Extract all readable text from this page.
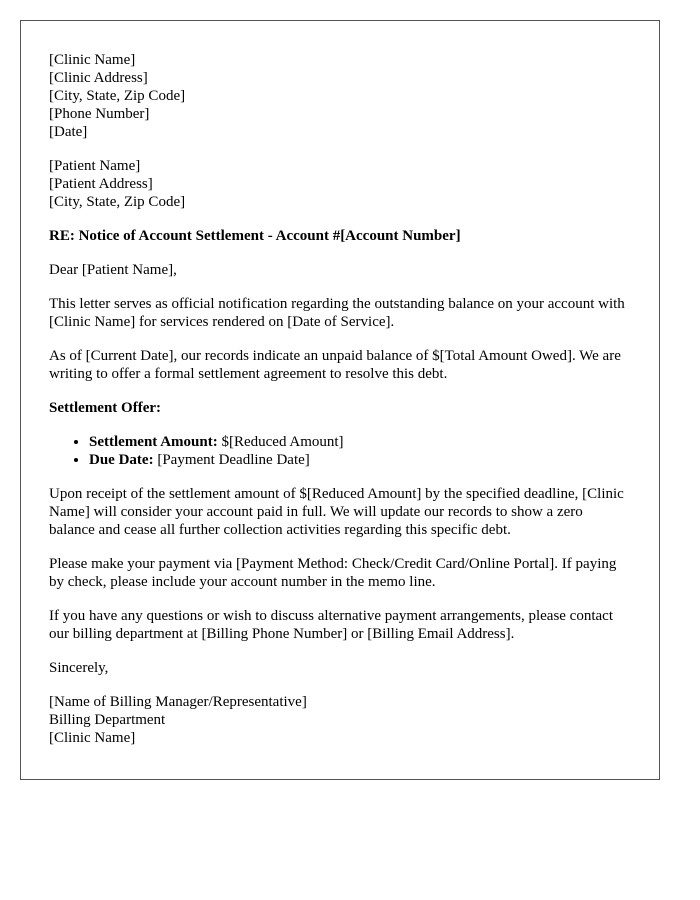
[Clinic Name]
[Clinic Address]
[City, State, Zip Code]
[Phone Number]
[Date]
[Patient Name]
[Patient Address]
[City, State, Zip Code]

RE: Notice of Account Settlement - Account #[Account Number]

Dear [Patient Name],

This letter serves as official notification regarding the outstanding balance on your account with [Clinic Name] for services rendered on [Date of Service].

As of [Current Date], our records indicate an unpaid balance of $[Total Amount Owed]. We are writing to offer a formal settlement agreement to resolve this debt.

Settlement Offer:

• Settlement Amount: $[Reduced Amount]
• Due Date: [Payment Deadline Date]

Upon receipt of the settlement amount of $[Reduced Amount] by the specified deadline, [Clinic Name] will consider your account paid in full. We will update our records to show a zero balance and cease all further collection activities regarding this specific debt.

Please make your payment via [Payment Method: Check/Credit Card/Online Portal]. If paying by check, please include your account number in the memo line.

If you have any questions or wish to discuss alternative payment arrangements, please contact our billing department at [Billing Phone Number] or [Billing Email Address].

Sincerely,

[Name of Billing Manager/Representative]
Billing Department
[Clinic Name]
